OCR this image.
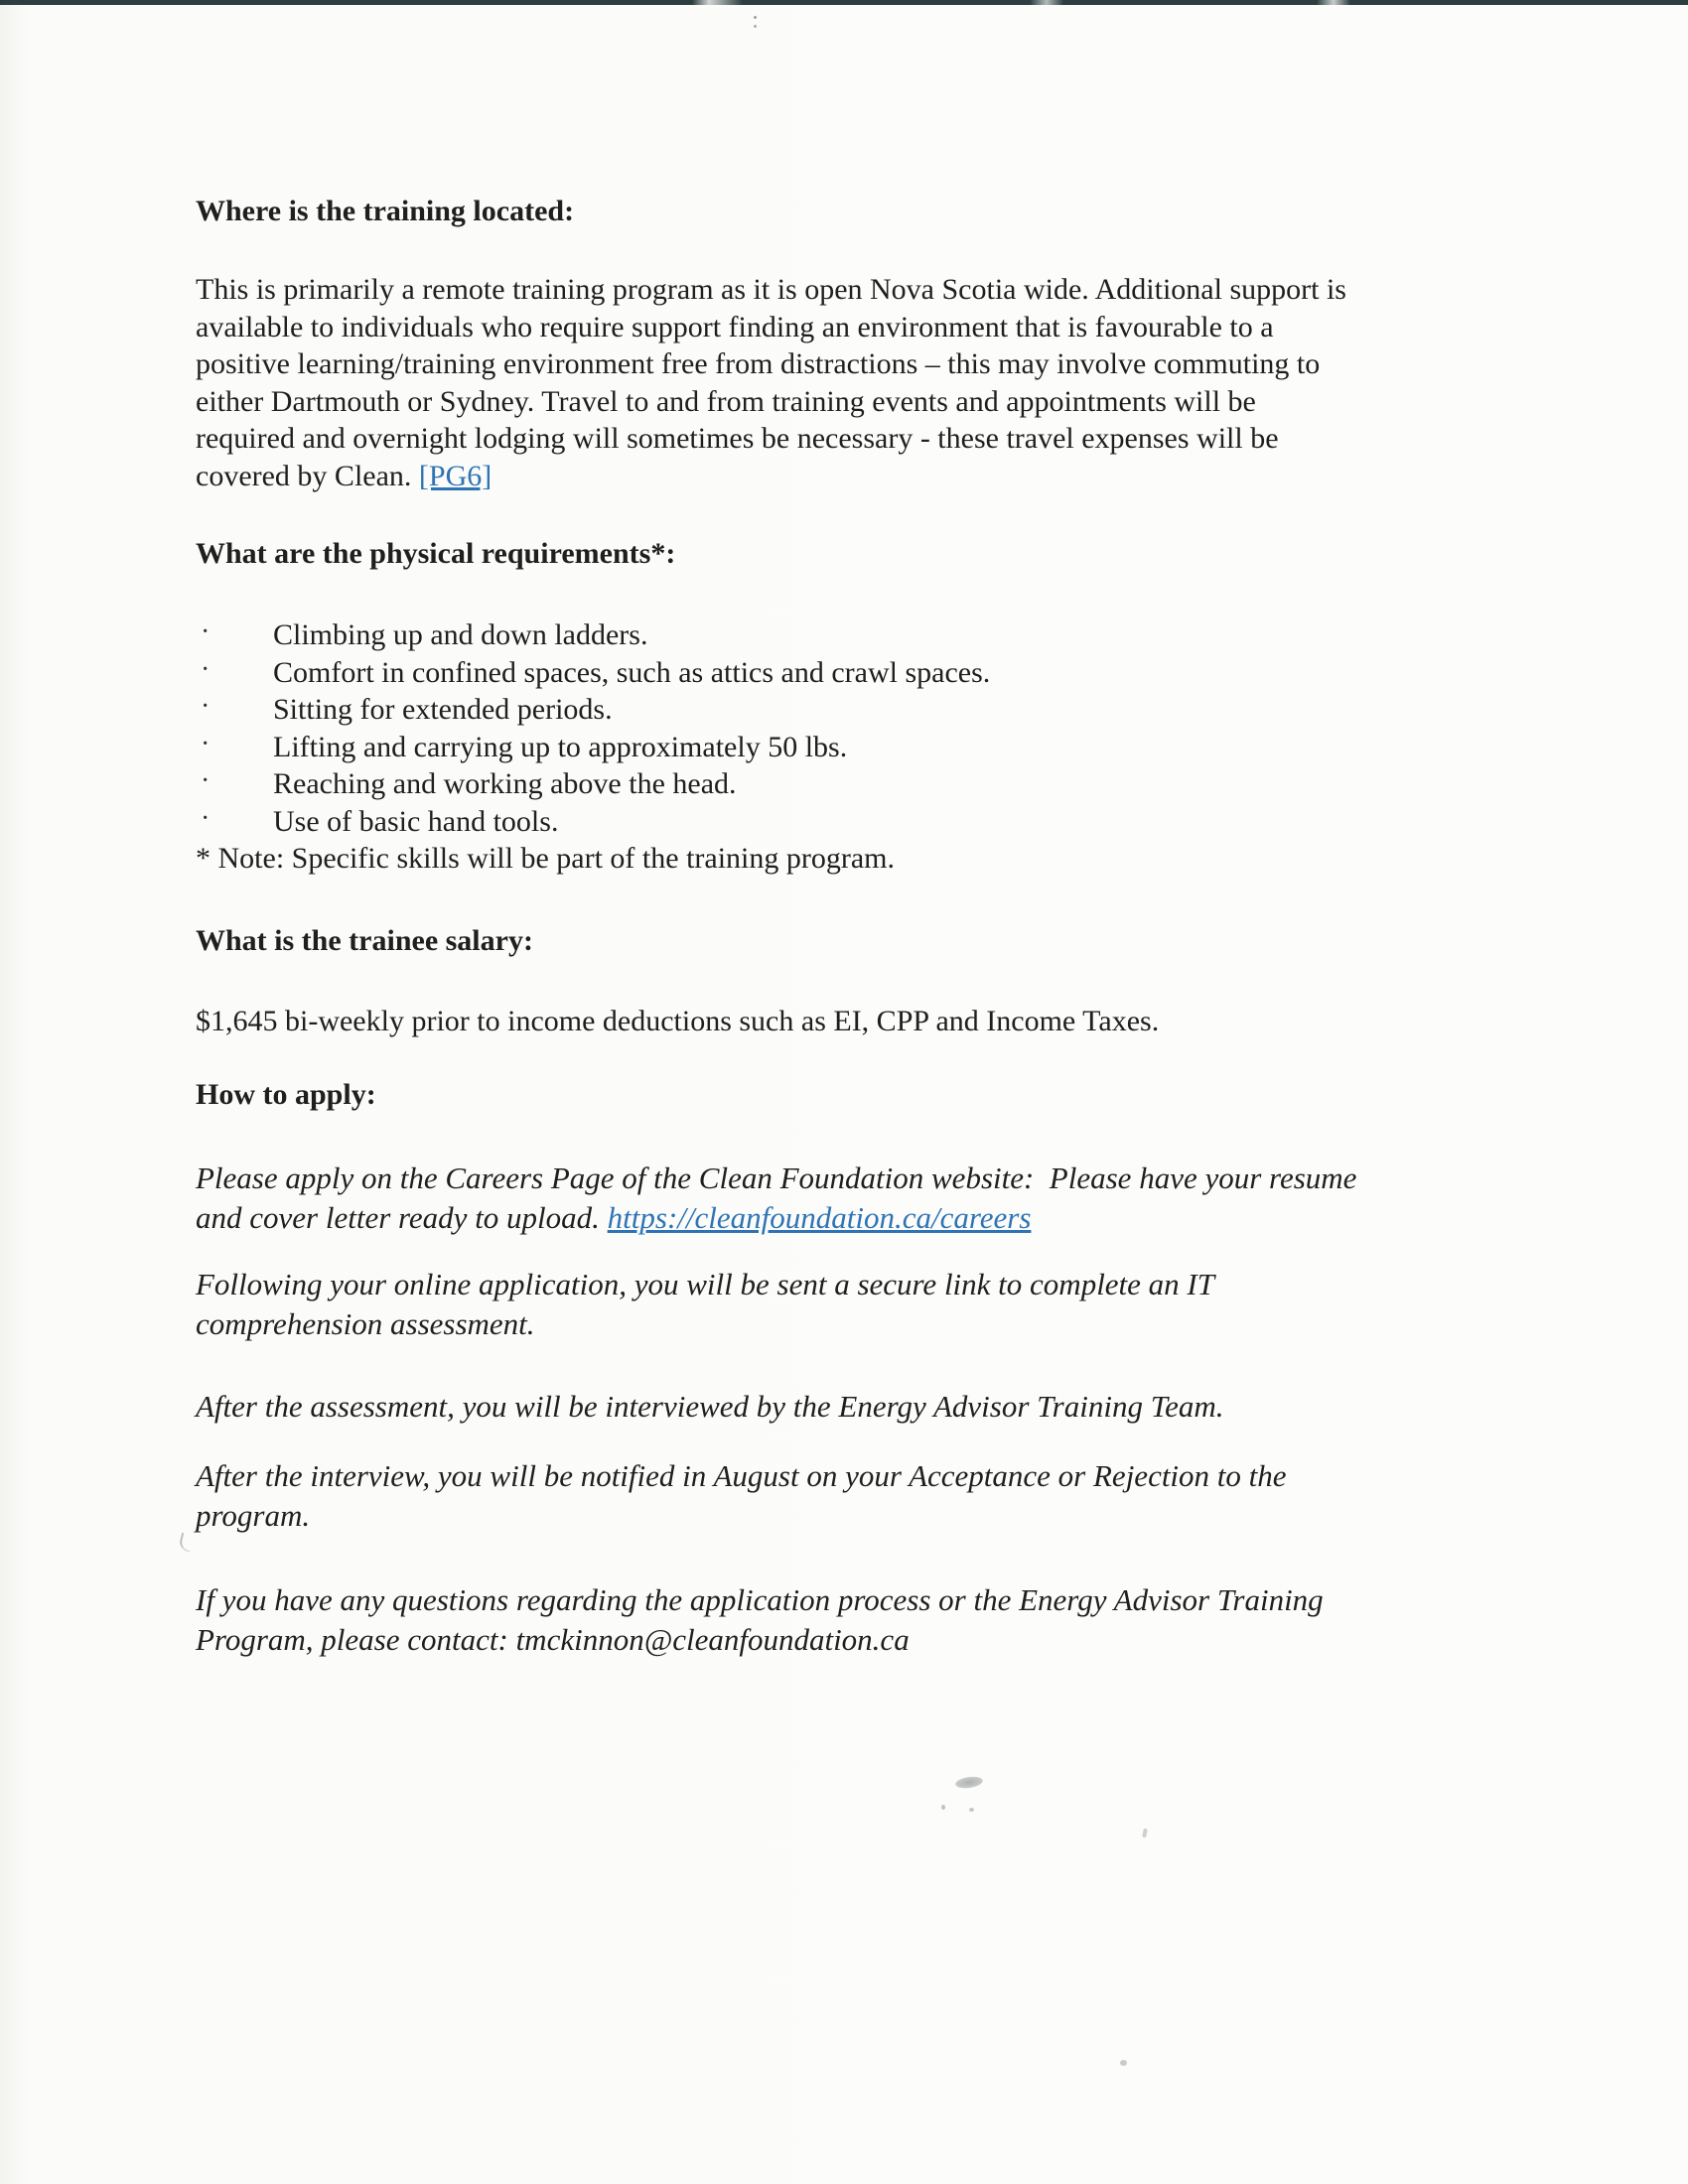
Where is the training located:
This is primarily a remote training program as it is open Nova Scotia wide. Additional support is
available to individuals who require support finding an environment that is favourable to a
positive learning/training environment free from distractions – this may involve commuting to
either Dartmouth or Sydney. Travel to and from training events and appointments will be
required and overnight lodging will sometimes be necessary - these travel expenses will be
covered by Clean. [PG6]
What are the physical requirements*:
· Climbing up and down ladders.
· Comfort in confined spaces, such as attics and crawl spaces.
· Sitting for extended periods.
· Lifting and carrying up to approximately 50 lbs.
· Reaching and working above the head.
· Use of basic hand tools.
* Note: Specific skills will be part of the training program.
What is the trainee salary:
$1,645 bi-weekly prior to income deductions such as EI, CPP and Income Taxes.
How to apply:
Please apply on the Careers Page of the Clean Foundation website:  Please have your resume
and cover letter ready to upload. https://cleanfoundation.ca/careers
Following your online application, you will be sent a secure link to complete an IT
comprehension assessment.
After the assessment, you will be interviewed by the Energy Advisor Training Team.
After the interview, you will be notified in August on your Acceptance or Rejection to the
program.
If you have any questions regarding the application process or the Energy Advisor Training
Program, please contact: tmckinnon@cleanfoundation.ca
